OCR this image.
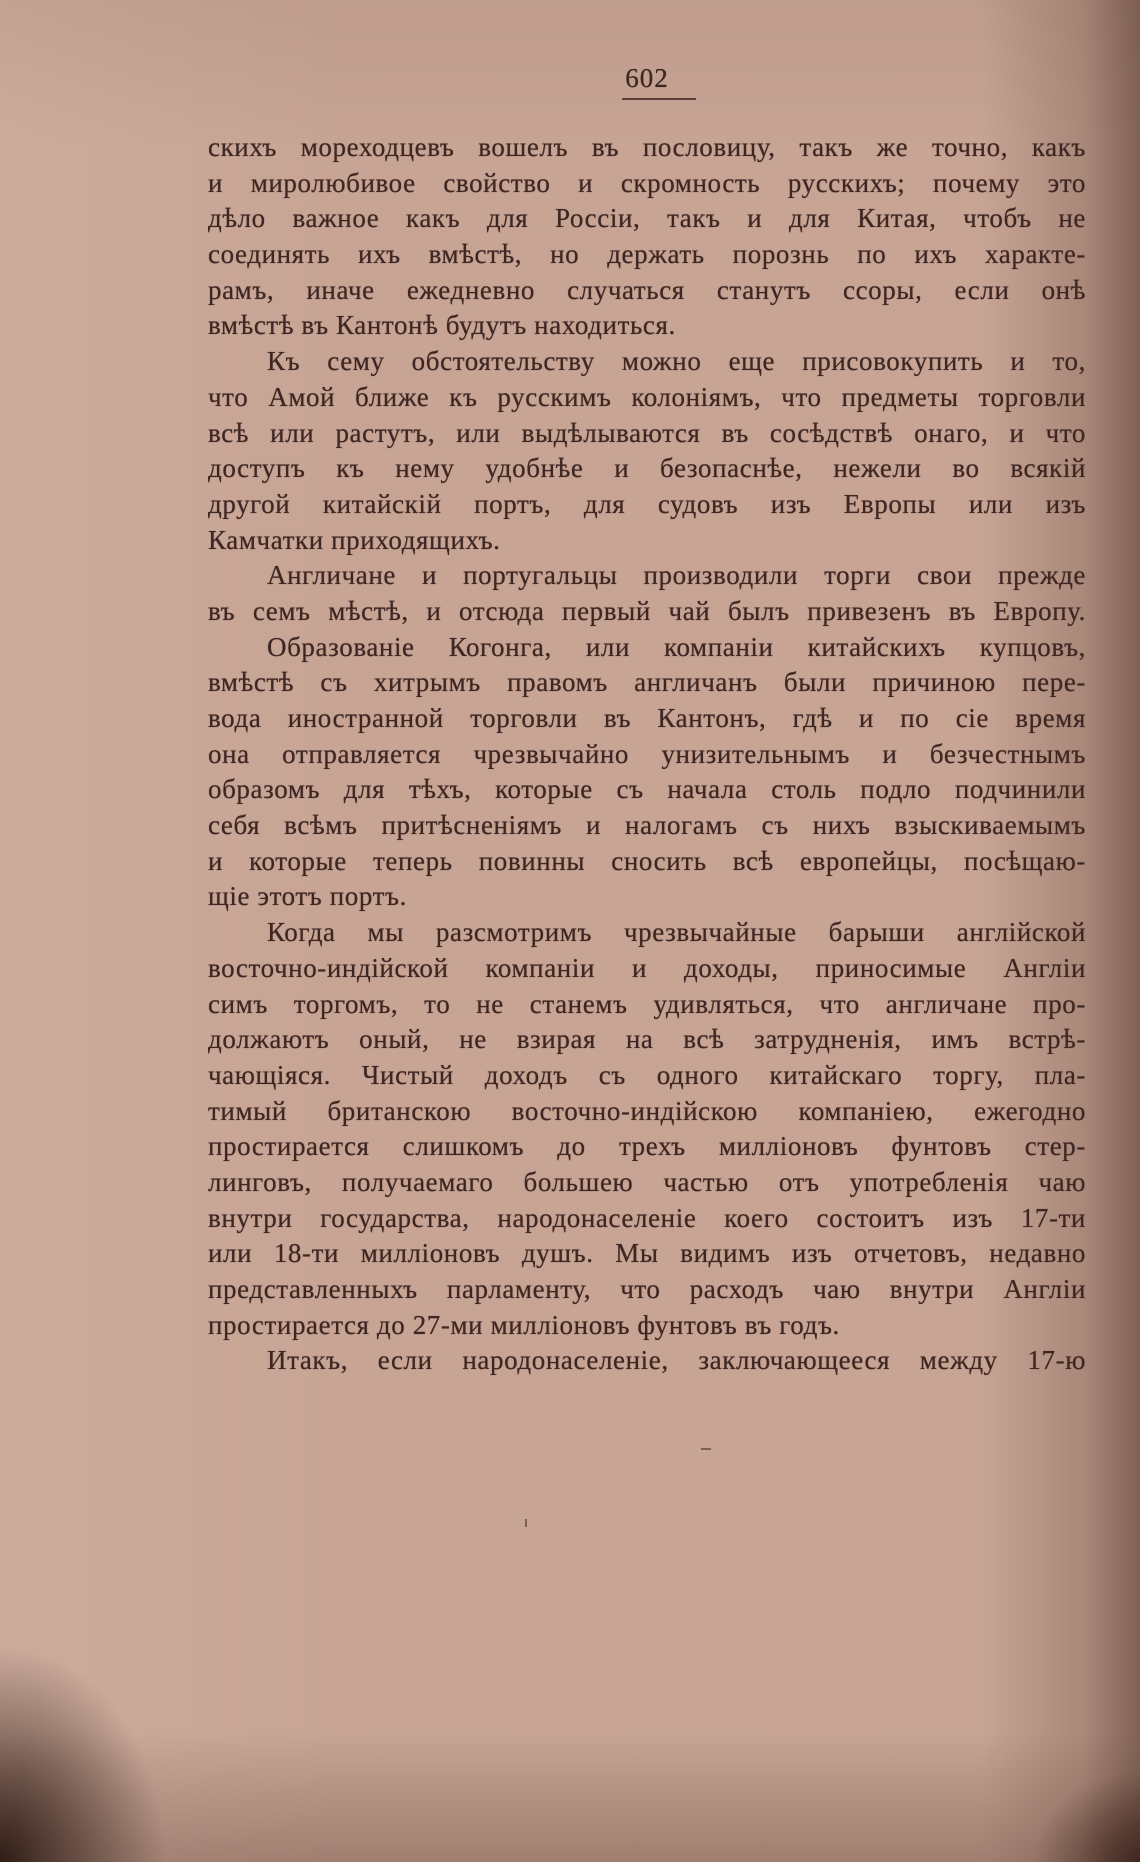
602
скихъ мореходцевъ вошелъ въ пословицу, такъ же точно, какъ
и миролюбивое свойство и скромность русскихъ; почему это
дѣло важное какъ для Россіи, такъ и для Китая, чтобъ не
соединять ихъ вмѣстѣ, но держать порознь по ихъ характе-
рамъ, иначе ежедневно случаться станутъ ссоры, если онѣ
вмѣстѣ въ Кантонѣ будутъ находиться.
Къ сему обстоятельству можно еще присовокупить и то,
что Амой ближе къ русскимъ колоніямъ, что предметы торговли
всѣ или растутъ, или выдѣлываются въ сосѣдствѣ онаго, и что
доступъ къ нему удобнѣе и безопаснѣе, нежели во всякій
другой китайскій портъ, для судовъ изъ Европы или изъ
Камчатки приходящихъ.
Англичане и португальцы производили торги свои прежде
въ семъ мѣстѣ, и отсюда первый чай былъ привезенъ въ Европу.
Образованіе Когонга, или компаніи китайскихъ купцовъ,
вмѣстѣ съ хитрымъ правомъ англичанъ были причиною пере-
вода иностранной торговли въ Кантонъ, гдѣ и по сіе время
она отправляется чрезвычайно унизительнымъ и безчестнымъ
образомъ для тѣхъ, которые съ начала столь подло подчинили
себя всѣмъ притѣсненіямъ и налогамъ съ нихъ взыскиваемымъ
и которые теперь повинны сносить всѣ европейцы, посѣщаю-
щіе этотъ портъ.
Когда мы разсмотримъ чрезвычайные барыши англійской
восточно-индійской компаніи и доходы, приносимые Англіи
симъ торгомъ, то не станемъ удивляться, что англичане про-
должаютъ оный, не взирая на всѣ затрудненія, имъ встрѣ-
чающіяся. Чистый доходъ съ одного китайскаго торгу, пла-
тимый британскою восточно-индійскою компаніею, ежегодно
простирается слишкомъ до трехъ милліоновъ фунтовъ стер-
линговъ, получаемаго большею частью отъ употребленія чаю
внутри государства, народонаселеніе коего состоитъ изъ 17-ти
или 18-ти милліоновъ душъ. Мы видимъ изъ отчетовъ, недавно
представленныхъ парламенту, что расходъ чаю внутри Англіи
простирается до 27-ми милліоновъ фунтовъ въ годъ.
Итакъ, если народонаселеніе, заключающееся между 17-ю
